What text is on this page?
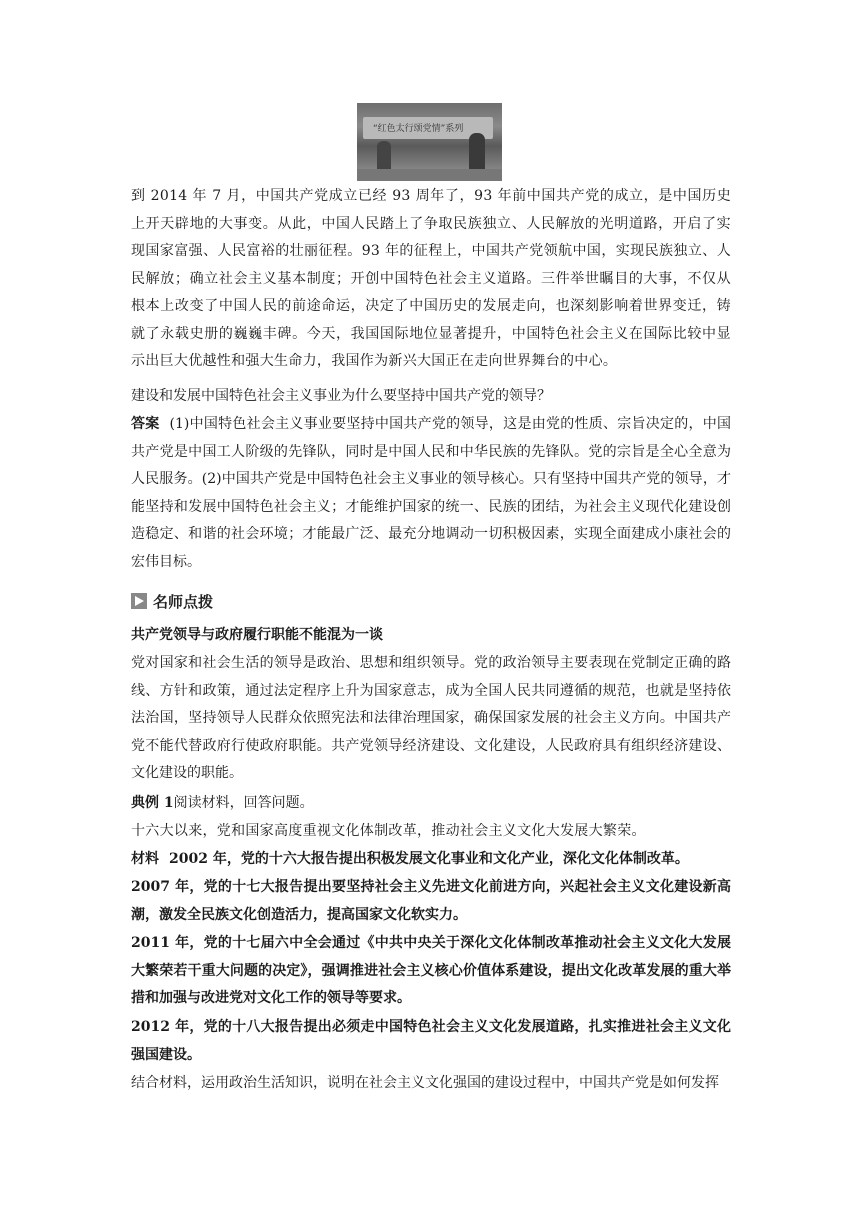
“红色太行颂党情”系列

到 2014 年 7 月，中国共产党成立已经 93 周年了，93 年前中国共产党的成立，是中国历史上开天辟地的大事变。从此，中国人民踏上了争取民族独立、人民解放的光明道路，开启了实现国家富强、人民富裕的壮丽征程。93 年的征程上，中国共产党领航中国，实现民族独立、人民解放；确立社会主义基本制度；开创中国特色社会主义道路。三件举世瞩目的大事，不仅从根本上改变了中国人民的前途命运，决定了中国历史的发展走向，也深刻影响着世界变迁，铸就了永载史册的巍巍丰碑。今天，我国国际地位显著提升，中国特色社会主义在国际比较中显示出巨大优越性和强大生命力，我国作为新兴大国正在走向世界舞台的中心。

建设和发展中国特色社会主义事业为什么要坚持中国共产党的领导？

答案 (1)中国特色社会主义事业要坚持中国共产党的领导，这是由党的性质、宗旨决定的，中国共产党是中国工人阶级的先锋队，同时是中国人民和中华民族的先锋队。党的宗旨是全心全意为人民服务。(2)中国共产党是中国特色社会主义事业的领导核心。只有坚持中国共产党的领导，才能坚持和发展中国特色社会主义；才能维护国家的统一、民族的团结，为社会主义现代化建设创造稳定、和谐的社会环境；才能最广泛、最充分地调动一切积极因素，实现全面建成小康社会的宏伟目标。

名师点拨
共产党领导与政府履行职能不能混为一谈

党对国家和社会生活的领导是政治、思想和组织领导。党的政治领导主要表现在党制定正确的路线、方针和政策，通过法定程序上升为国家意志，成为全国人民共同遵循的规范，也就是坚持依法治国，坚持领导人民群众依照宪法和法律治理国家，确保国家发展的社会主义方向。中国共产党不能代替政府行使政府职能。共产党领导经济建设、文化建设，人民政府具有组织经济建设、文化建设的职能。

典例 1阅读材料，回答问题。

十六大以来，党和国家高度重视文化体制改革，推动社会主义文化大发展大繁荣。

材料 2002 年，党的十六大报告提出积极发展文化事业和文化产业，深化文化体制改革。

2007 年，党的十七大报告提出要坚持社会主义先进文化前进方向，兴起社会主义文化建设新高潮，激发全民族文化创造活力，提高国家文化软实力。

2011 年，党的十七届六中全会通过《中共中央关于深化文化体制改革推动社会主义文化大发展大繁荣若干重大问题的决定》，强调推进社会主义核心价值体系建设，提出文化改革发展的重大举措和加强与改进党对文化工作的领导等要求。

2012 年，党的十八大报告提出必须走中国特色社会主义文化发展道路，扎实推进社会主义文化强国建设。

结合材料，运用政治生活知识，说明在社会主义文化强国的建设过程中，中国共产党是如何发挥
